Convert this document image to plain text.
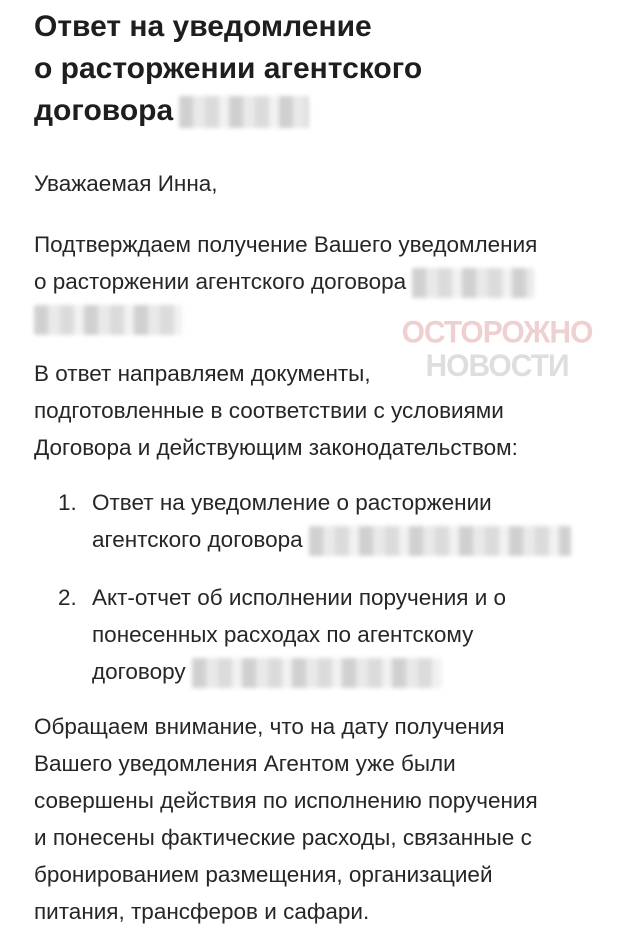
Ответ на уведомление
о расторжении агентского
договора
Уважаемая Инна,
Подтверждаем получение Вашего уведомления
о расторжении агентского договора
ОСТОРОЖНО
НОВОСТИ
В ответ направляем документы,
подготовленные в соответствии с условиями
Договора и действующим законодательством:
1. Ответ на уведомление о расторжении
агентского договора
2. Акт-отчет об исполнении поручения и о
понесенных расходах по агентскому
договору
Обращаем внимание, что на дату получения
Вашего уведомления Агентом уже были
совершены действия по исполнению поручения
и понесены фактические расходы, связанные с
бронированием размещения, организацией
питания, трансферов и сафари.
